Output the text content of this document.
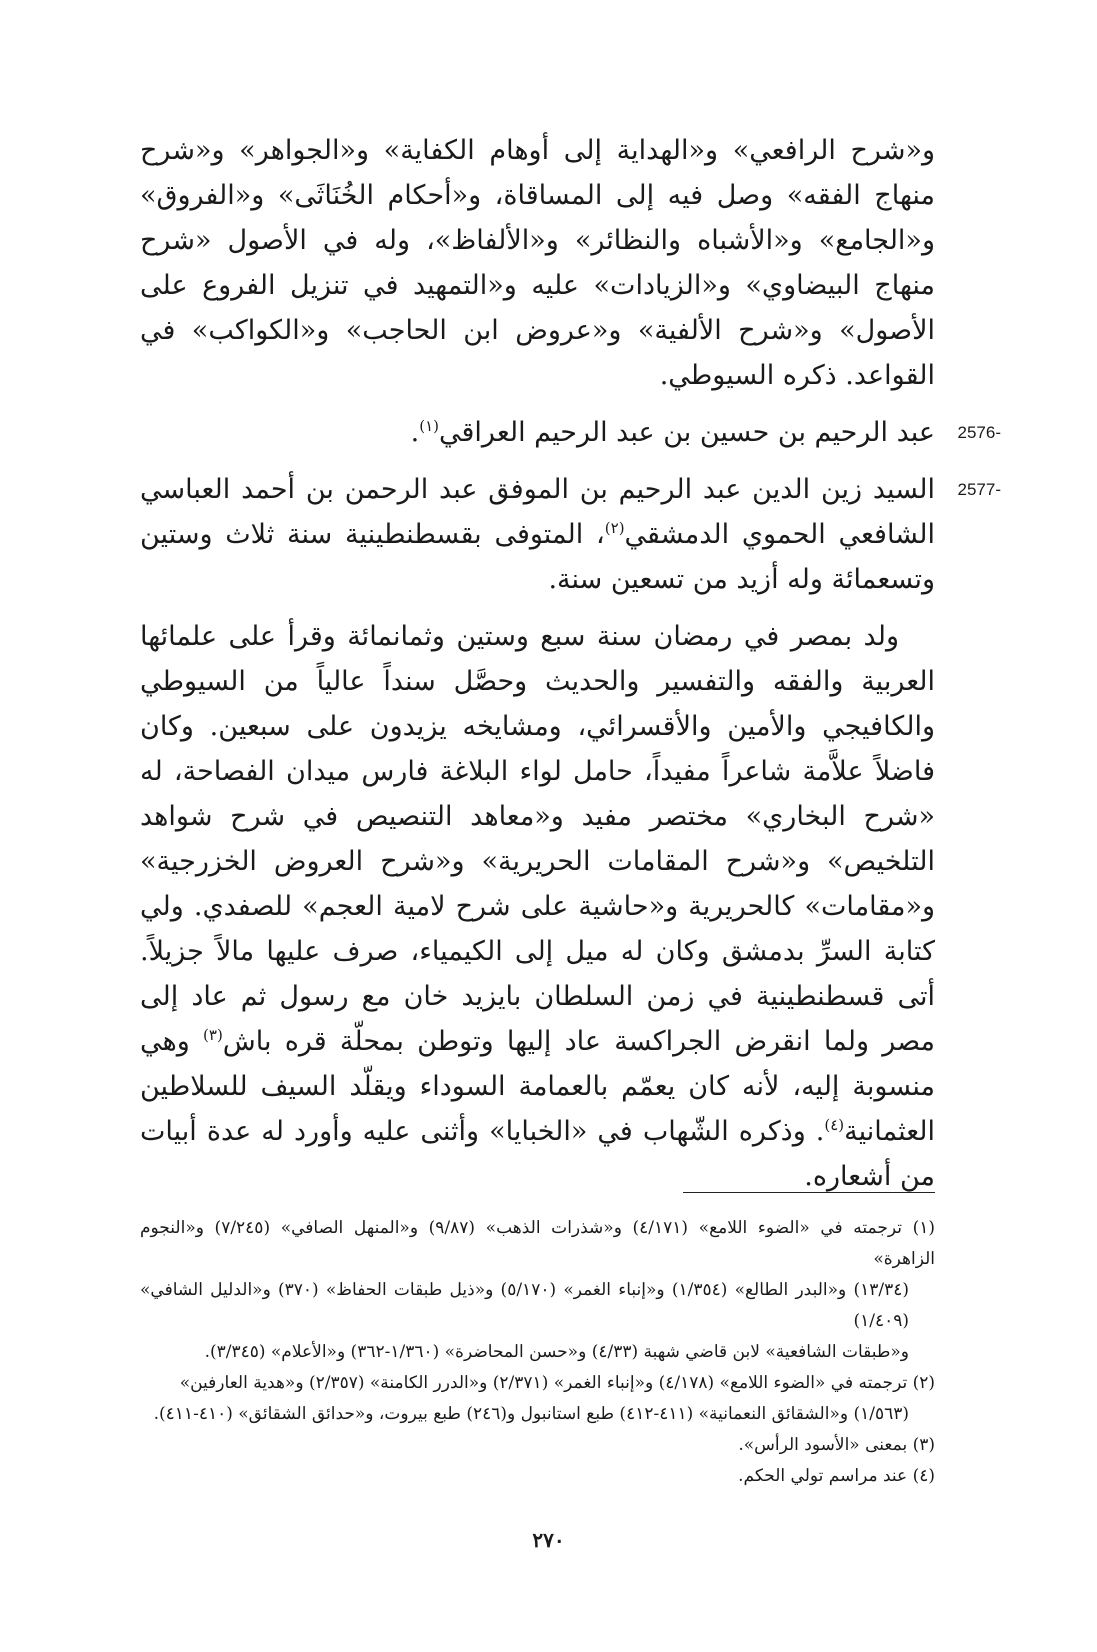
و«شرح الرافعي» و«الهداية إلى أوهام الكفاية» و«الجواهر» و«شرح منهاج الفقه» وصل فيه إلى المساقاة، و«أحكام الخُنَاثَى» و«الفروق» و«الجامع» و«الأشباه والنظائر» و«الألفاظ»، وله في الأصول «شرح منهاج البيضاوي» و«الزيادات» عليه و«التمهيد في تنزيل الفروع على الأصول» و«شرح الألفية» و«عروض ابن الحاجب» و«الكواكب» في القواعد. ذكره السيوطي.

2576-
عبد الرحيم بن حسين بن عبد الرحيم العراقي$^{(١)}$.

2577-
السيد زين الدين عبد الرحيم بن الموفق عبد الرحمن بن أحمد العباسي الشافعي الحموي الدمشقي$^{(٢)}$، المتوفى بقسطنطينية سنة ثلاث وستين وتسعمائة وله أزيد من تسعين سنة.

ولد بمصر في رمضان سنة سبع وستين وثمانمائة وقرأ على علمائها العربية والفقه والتفسير والحديث وحصَّل سنداً عالياً من السيوطي والكافيجي والأمين والأقسرائي، ومشايخه يزيدون على سبعين. وكان فاضلاً علاَّمة شاعراً مفيداً، حامل لواء البلاغة فارس ميدان الفصاحة، له «شرح البخاري» مختصر مفيد و«معاهد التنصيص في شرح شواهد التلخيص» و«شرح المقامات الحريرية» و«شرح العروض الخزرجية» و«مقامات» كالحريرية و«حاشية على شرح لامية العجم» للصفدي. ولي كتابة السرِّ بدمشق وكان له ميل إلى الكيمياء، صرف عليها مالاً جزيلاً. أتى قسطنطينية في زمن السلطان بايزيد خان مع رسول ثم عاد إلى مصر ولما انقرض الجراكسة عاد إليها وتوطن بمحلّة قره باش$^{(٣)}$ وهي منسوبة إليه، لأنه كان يعمّم بالعمامة السوداء ويقلّد السيف للسلاطين العثمانية$^{(٤)}$. وذكره الشّهاب في «الخبايا» وأثنى عليه وأورد له عدة أبيات من أشعاره.

(١) ترجمته في «الضوء اللامع» (٤/١٧١) و«شذرات الذهب» (٩/٨٧) و«المنهل الصافي» (٧/٢٤٥) و«النجوم الزاهرة»

(١٣/٣٤) و«البدر الطالع» (١/٣٥٤) و«إنباء الغمر» (٥/١٧٠) و«ذيل طبقات الحفاظ» (٣٧٠) و«الدليل الشافي» (١/٤٠٩)

و«طبقات الشافعية» لابن قاضي شهبة (٤/٣٣) و«حسن المحاضرة» (١/٣٦٠-٣٦٢) و«الأعلام» (٣/٣٤٥).

(٢) ترجمته في «الضوء اللامع» (٤/١٧٨) و«إنباء الغمر» (٢/٣٧١) و«الدرر الكامنة» (٢/٣٥٧) و«هدية العارفين»

(١/٥٦٣) و«الشقائق النعمانية» (٤١١-٤١٢) طبع استانبول و(٢٤٦) طبع بيروت، و«حدائق الشقائق» (٤١٠-٤١١).

(٣) بمعنى «الأسود الرأس».

(٤) عند مراسم تولي الحكم.

٢٧٠
